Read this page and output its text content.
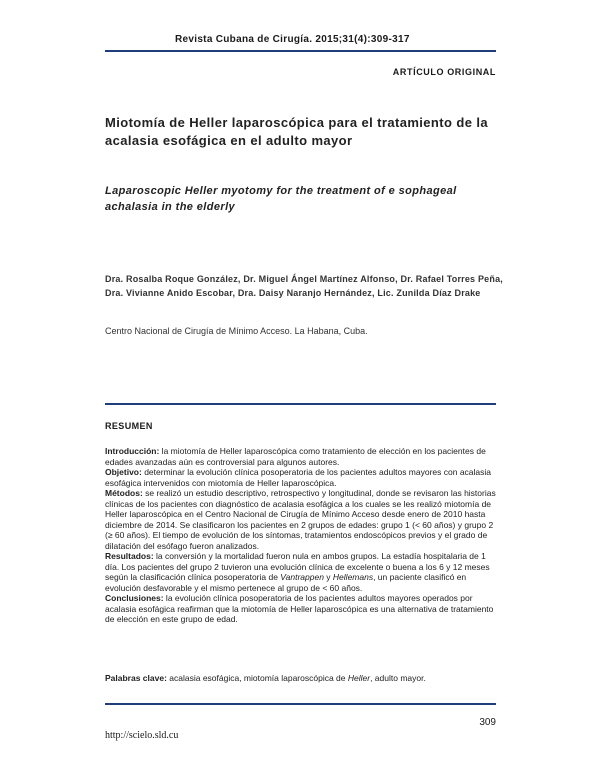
Revista Cubana de Cirugía. 2015;31(4):309-317
ARTÍCULO ORIGINAL
Miotomía de Heller laparoscópica para el tratamiento de la acalasia esofágica en el adulto mayor
Laparoscopic Heller myotomy for the treatment of e sophageal achalasia in the elderly
Dra. Rosalba Roque González, Dr. Miguel Ángel Martínez Alfonso, Dr. Rafael Torres Peña, Dra. Vivianne Anido Escobar, Dra. Daisy Naranjo Hernández, Lic. Zunilda Díaz Drake
Centro Nacional de Cirugía de Mínimo Acceso. La Habana, Cuba.
RESUMEN

Introducción: la miotomía de Heller laparoscópica como tratamiento de elección en los pacientes de edades avanzadas aún es controversial para algunos autores.

Objetivo: determinar la evolución clínica posoperatoria de los pacientes adultos mayores con acalasia esofágica intervenidos con miotomía de Heller laparoscópica.

Métodos: se realizó un estudio descriptivo, retrospectivo y longitudinal, donde se revisaron las historias clínicas de los pacientes con diagnóstico de acalasia esofágica a los cuales se les realizó miotomía de Heller laparoscópica en el Centro Nacional de Cirugía de Mínimo Acceso desde enero de 2010 hasta diciembre de 2014. Se clasificaron los pacientes en 2 grupos de edades: grupo 1 (< 60 años) y grupo 2 (≥ 60 años). El tiempo de evolución de los síntomas, tratamientos endoscópicos previos y el grado de dilatación del esófago fueron analizados.

Resultados: la conversión y la mortalidad fueron nula en ambos grupos. La estadía hospitalaria de 1 día. Los pacientes del grupo 2 tuvieron una evolución clínica de excelente o buena a los 6 y 12 meses según la clasificación clínica posoperatoria de Vantrappen y Hellemans, un paciente clasificó en evolución desfavorable y el mismo pertenece al grupo de < 60 años.

Conclusiones: la evolución clínica posoperatoria de los pacientes adultos mayores operados por acalasia esofágica reafirman que la miotomía de Heller laparoscópica es una alternativa de tratamiento de elección en este grupo de edad.

Palabras clave: acalasia esofágica, miotomía laparoscópica de Heller, adulto mayor.
309
http://scielo.sld.cu
